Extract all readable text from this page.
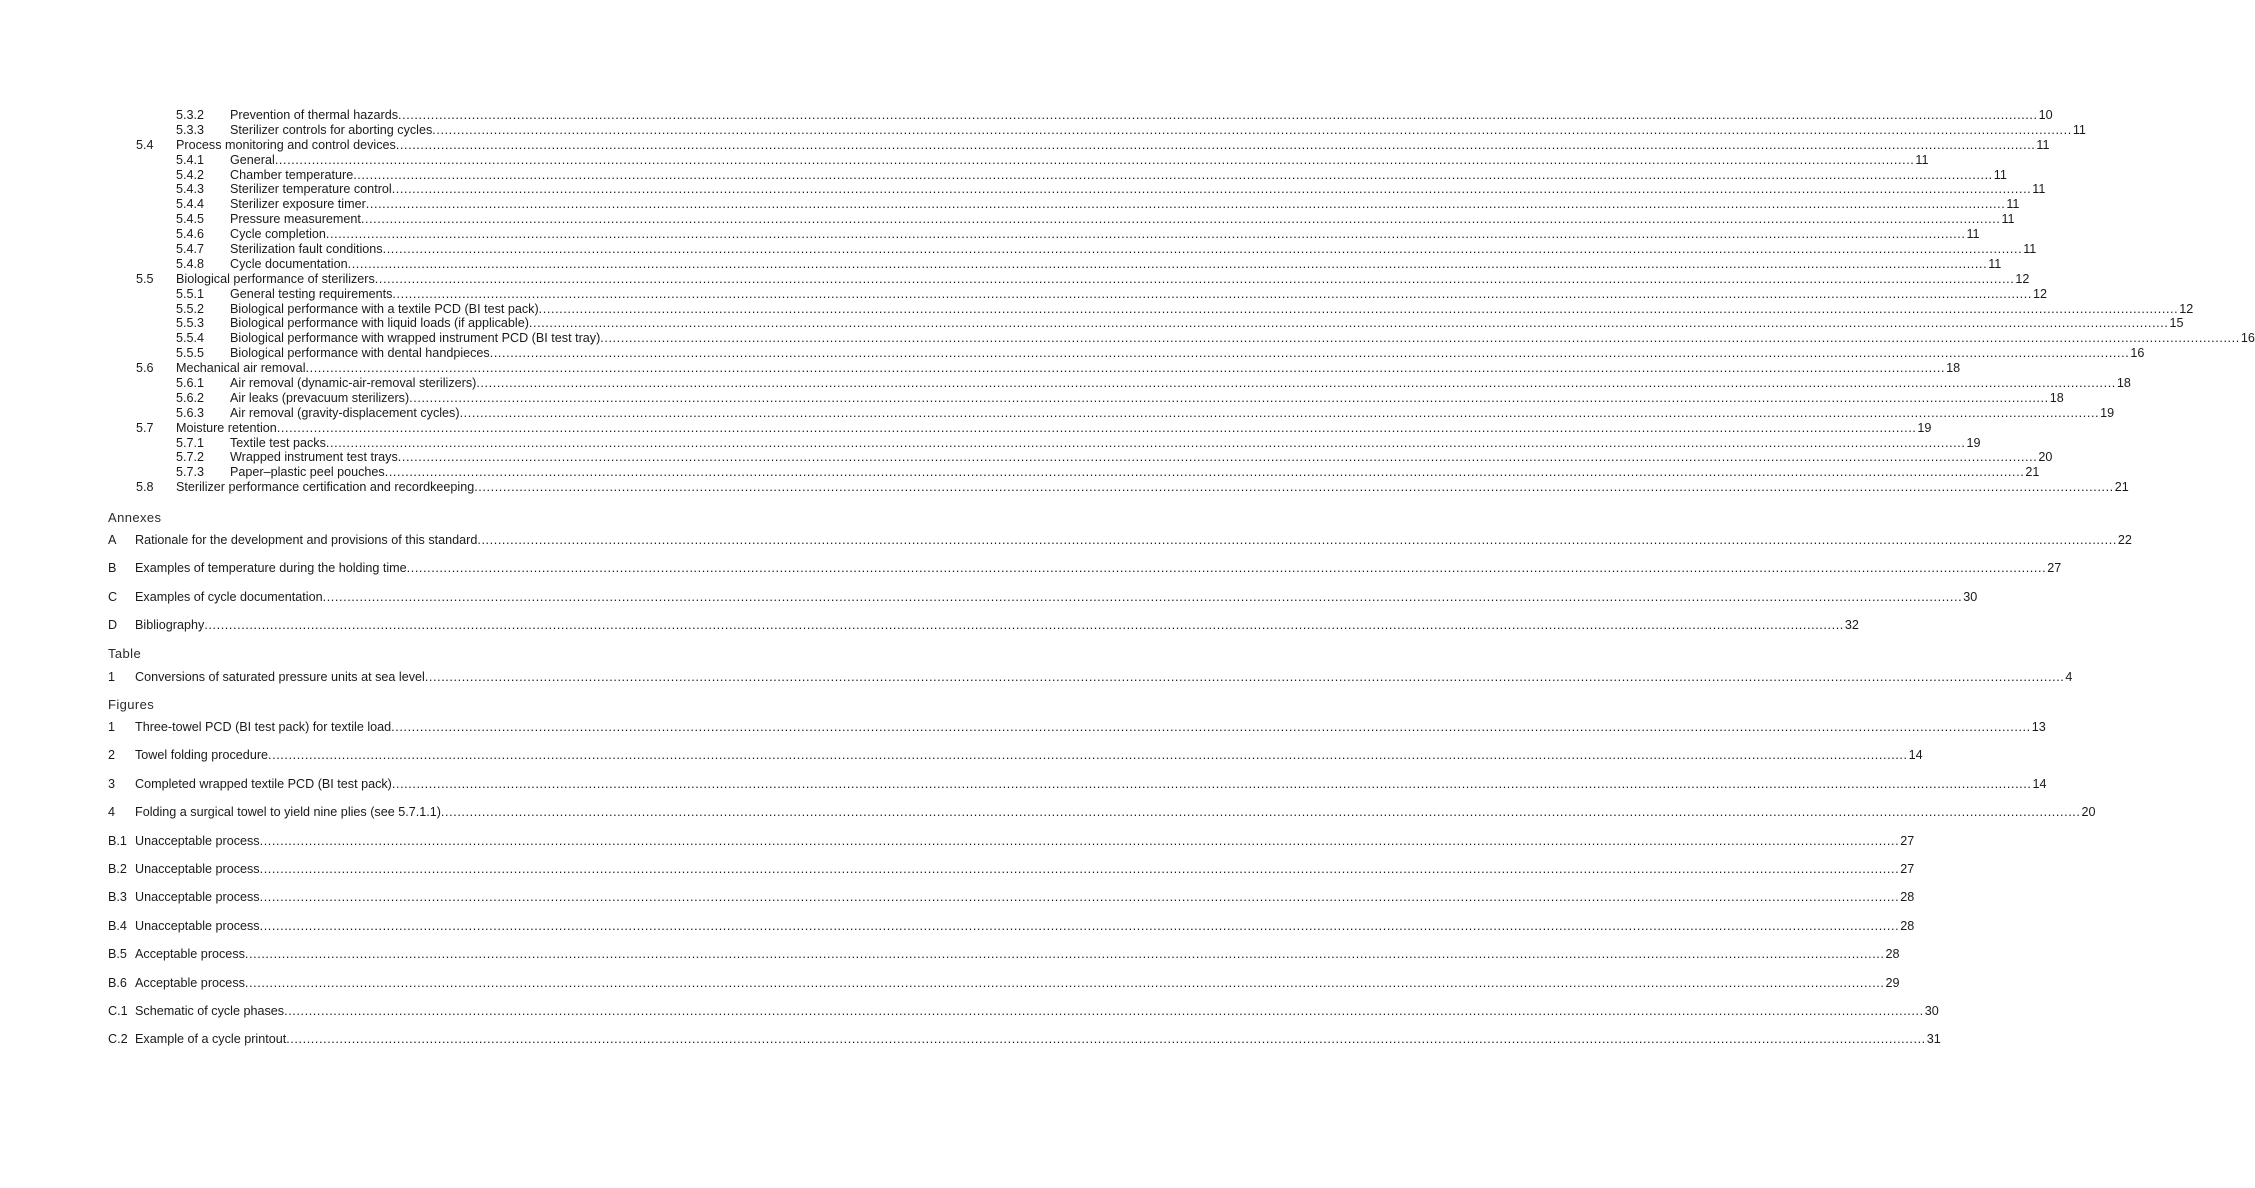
5.3.2 Prevention of thermal hazards ................................................................................................................................................................................................................................................................................................................................................................................................................ 10
5.3.3 Sterilizer controls for aborting cycles ................................................................................................................................................................................................................................................................................................................................................................................................................ 11
5.4 Process monitoring and control devices ................................................................................................................................................................................................................................................................................................................................................................................................................ 11
5.4.1 General ................................................................................................................................................................................................................................................................................................................................................................................................................ 11
5.4.2 Chamber temperature ................................................................................................................................................................................................................................................................................................................................................................................................................ 11
5.4.3 Sterilizer temperature control ................................................................................................................................................................................................................................................................................................................................................................................................................ 11
5.4.4 Sterilizer exposure timer ................................................................................................................................................................................................................................................................................................................................................................................................................ 11
5.4.5 Pressure measurement ................................................................................................................................................................................................................................................................................................................................................................................................................ 11
5.4.6 Cycle completion ................................................................................................................................................................................................................................................................................................................................................................................................................ 11
5.4.7 Sterilization fault conditions ................................................................................................................................................................................................................................................................................................................................................................................................................ 11
5.4.8 Cycle documentation ................................................................................................................................................................................................................................................................................................................................................................................................................ 11
5.5 Biological performance of sterilizers ................................................................................................................................................................................................................................................................................................................................................................................................................ 12
5.5.1 General testing requirements ................................................................................................................................................................................................................................................................................................................................................................................................................ 12
5.5.2 Biological performance with a textile PCD (BI test pack) ................................................................................................................................................................................................................................................................................................................................................................................................................ 12
5.5.3 Biological performance with liquid loads (if applicable) ................................................................................................................................................................................................................................................................................................................................................................................................................ 15
5.5.4 Biological performance with wrapped instrument PCD (BI test tray) ................................................................................................................................................................................................................................................................................................................................................................................................................ 16
5.5.5 Biological performance with dental handpieces ................................................................................................................................................................................................................................................................................................................................................................................................................ 16
5.6 Mechanical air removal ................................................................................................................................................................................................................................................................................................................................................................................................................ 18
5.6.1 Air removal (dynamic-air-removal sterilizers) ................................................................................................................................................................................................................................................................................................................................................................................................................ 18
5.6.2 Air leaks (prevacuum sterilizers) ................................................................................................................................................................................................................................................................................................................................................................................................................ 18
5.6.3 Air removal (gravity-displacement cycles) ................................................................................................................................................................................................................................................................................................................................................................................................................ 19
5.7 Moisture retention ................................................................................................................................................................................................................................................................................................................................................................................................................ 19
5.7.1 Textile test packs ................................................................................................................................................................................................................................................................................................................................................................................................................ 19
5.7.2 Wrapped instrument test trays ................................................................................................................................................................................................................................................................................................................................................................................................................ 20
5.7.3 Paper–plastic peel pouches ................................................................................................................................................................................................................................................................................................................................................................................................................ 21
5.8 Sterilizer performance certification and recordkeeping ................................................................................................................................................................................................................................................................................................................................................................................................................ 21
Annexes
A Rationale for the development and provisions of this standard ................................................................................................................................................................................................................................................................................................................................................................................................................ 22
B Examples of temperature during the holding time ................................................................................................................................................................................................................................................................................................................................................................................................................ 27
C Examples of cycle documentation ................................................................................................................................................................................................................................................................................................................................................................................................................ 30
D Bibliography ................................................................................................................................................................................................................................................................................................................................................................................................................ 32
Table
1 Conversions of saturated pressure units at sea level ................................................................................................................................................................................................................................................................................................................................................................................................................ 4
Figures
1 Three-towel PCD (BI test pack) for textile load ................................................................................................................................................................................................................................................................................................................................................................................................................ 13
2 Towel folding procedure ................................................................................................................................................................................................................................................................................................................................................................................................................ 14
3 Completed wrapped textile PCD (BI test pack) ................................................................................................................................................................................................................................................................................................................................................................................................................ 14
4 Folding a surgical towel to yield nine plies (see 5.7.1.1) ................................................................................................................................................................................................................................................................................................................................................................................................................ 20
B.1 Unacceptable process ................................................................................................................................................................................................................................................................................................................................................................................................................ 27
B.2 Unacceptable process ................................................................................................................................................................................................................................................................................................................................................................................................................ 27
B.3 Unacceptable process ................................................................................................................................................................................................................................................................................................................................................................................................................ 28
B.4 Unacceptable process ................................................................................................................................................................................................................................................................................................................................................................................................................ 28
B.5 Acceptable process ................................................................................................................................................................................................................................................................................................................................................................................................................ 28
B.6 Acceptable process ................................................................................................................................................................................................................................................................................................................................................................................................................ 29
C.1 Schematic of cycle phases ................................................................................................................................................................................................................................................................................................................................................................................................................ 30
C.2 Example of a cycle printout ................................................................................................................................................................................................................................................................................................................................................................................................................ 31
